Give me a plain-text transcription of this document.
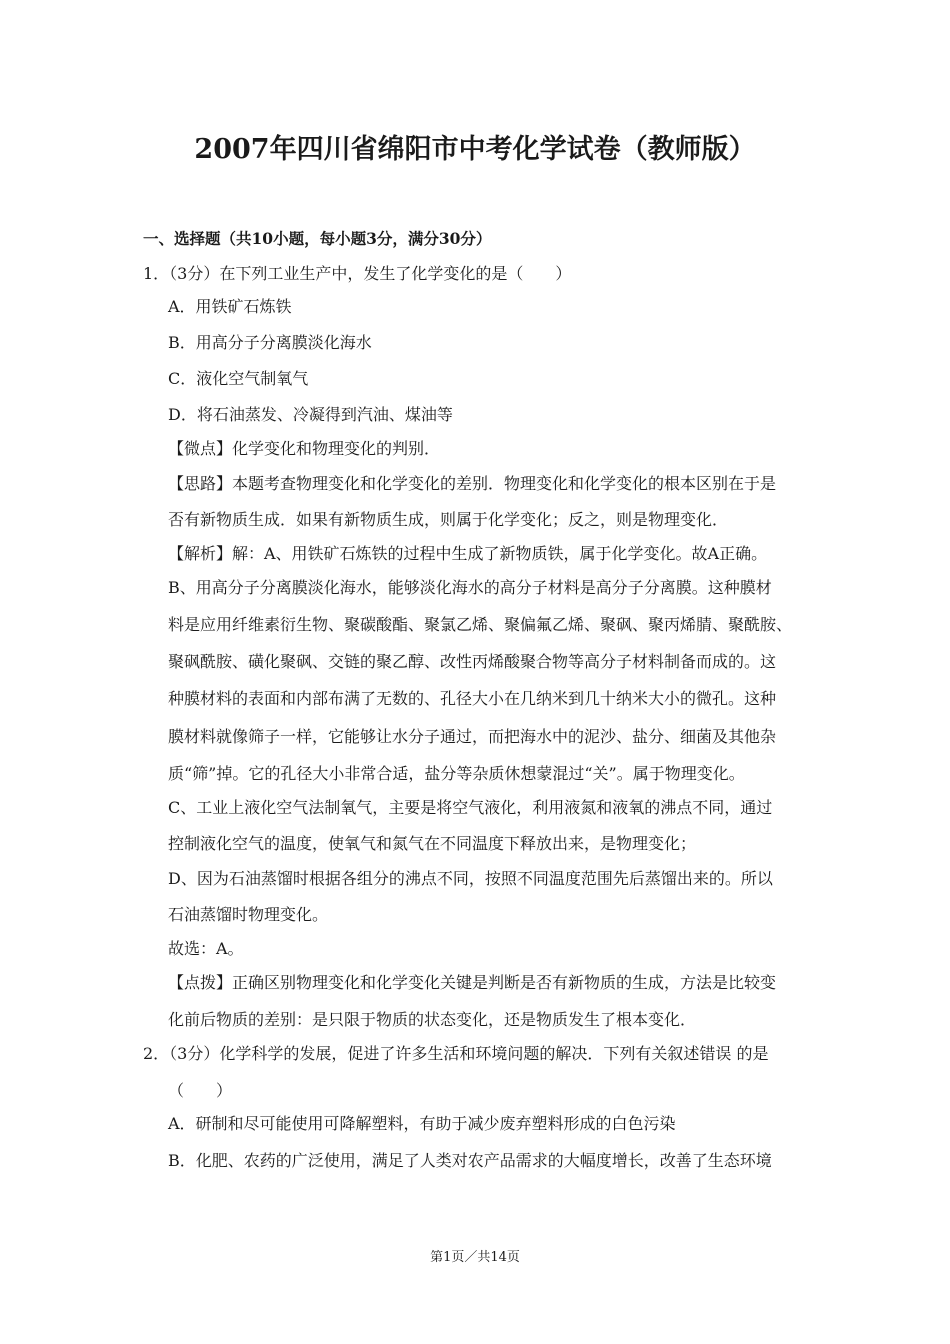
2007年四川省绵阳市中考化学试卷（教师版）
一、选择题（共10小题，每小题3分，满分30分）
1．（3分）在下列工业生产中，发生了化学变化的是（　　）
A．用铁矿石炼铁
B．用高分子分离膜淡化海水
C．液化空气制氧气
D．将石油蒸发、冷凝得到汽油、煤油等
【微点】化学变化和物理变化的判别．
【思路】本题考查物理变化和化学变化的差别．物理变化和化学变化的根本区别在于是
否有新物质生成．如果有新物质生成，则属于化学变化；反之，则是物理变化．
【解析】解：A、用铁矿石炼铁的过程中生成了新物质铁，属于化学变化。故A正确。
B、用高分子分离膜淡化海水，能够淡化海水的高分子材料是高分子分离膜。这种膜材
料是应用纤维素衍生物、聚碳酸酯、聚氯乙烯、聚偏氟乙烯、聚砜、聚丙烯腈、聚酰胺、
聚砜酰胺、磺化聚砜、交链的聚乙醇、改性丙烯酸聚合物等高分子材料制备而成的。这
种膜材料的表面和内部布满了无数的、孔径大小在几纳米到几十纳米大小的微孔。这种
膜材料就像筛子一样，它能够让水分子通过，而把海水中的泥沙、盐分、细菌及其他杂
质“筛”掉。它的孔径大小非常合适，盐分等杂质休想蒙混过“关”。属于物理变化。
C、工业上液化空气法制氧气，主要是将空气液化，利用液氮和液氧的沸点不同，通过
控制液化空气的温度，使氧气和氮气在不同温度下释放出来，是物理变化；
D、因为石油蒸馏时根据各组分的沸点不同，按照不同温度范围先后蒸馏出来的。所以
石油蒸馏时物理变化。
故选：A。
【点拨】正确区别物理变化和化学变化关键是判断是否有新物质的生成，方法是比较变
化前后物质的差别：是只限于物质的状态变化，还是物质发生了根本变化．
2．（3分）化学科学的发展，促进了许多生活和环境问题的解决．下列有关叙述错误 的是
（　　）
A．研制和尽可能使用可降解塑料，有助于减少废弃塑料形成的白色污染
B．化肥、农药的广泛使用，满足了人类对农产品需求的大幅度增长，改善了生态环境
第1页／共14页
